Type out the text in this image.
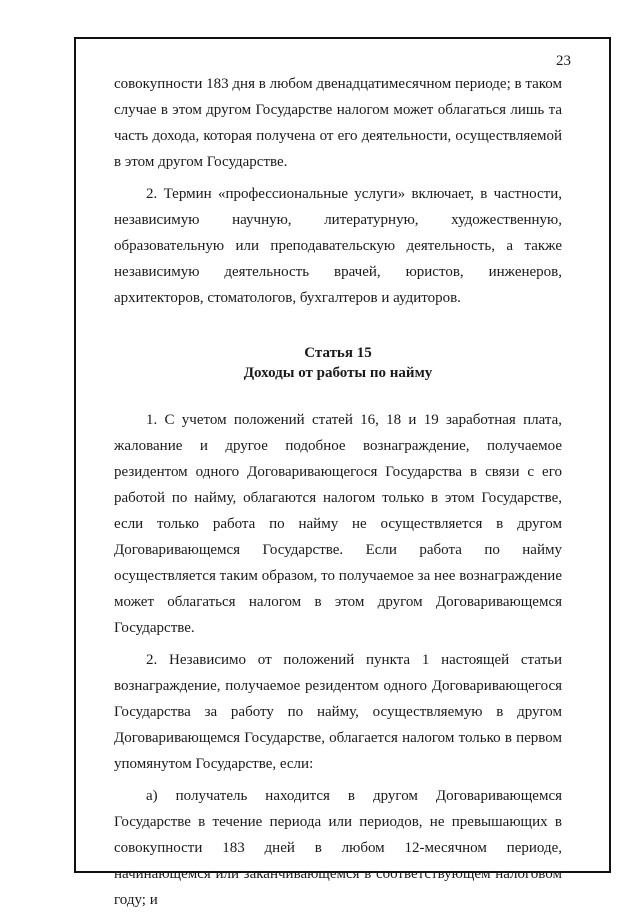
23

совокупности 183 дня в любом двенадцатимесячном периоде; в таком случае в этом другом Государстве налогом может облагаться лишь та часть дохода, которая получена от его деятельности, осуществляемой в этом другом Государстве.

2. Термин «профессиональные услуги» включает, в частности, независимую научную, литературную, художественную, образовательную или преподавательскую деятельность, а также независимую деятельность врачей, юристов, инженеров, архитекторов, стоматологов, бухгалтеров и аудиторов.

Статья 15
Доходы от работы по найму

1. С учетом положений статей 16, 18 и 19 заработная плата, жалование и другое подобное вознаграждение, получаемое резидентом одного Договаривающегося Государства в связи с его работой по найму, облагаются налогом только в этом Государстве, если только работа по найму не осуществляется в другом Договаривающемся Государстве. Если работа по найму осуществляется таким образом, то получаемое за нее вознаграждение может облагаться налогом в этом другом Договаривающемся Государстве.

2. Независимо от положений пункта 1 настоящей статьи вознаграждение, получаемое резидентом одного Договаривающегося Государства за работу по найму, осуществляемую в другом Договаривающемся Государстве, облагается налогом только в первом упомянутом Государстве, если:

а) получатель находится в другом Договаривающемся Государстве в течение периода или периодов, не превышающих в совокупности 183 дней в любом 12-месячном периоде, начинающемся или заканчивающемся в соответствующем налоговом году; и
